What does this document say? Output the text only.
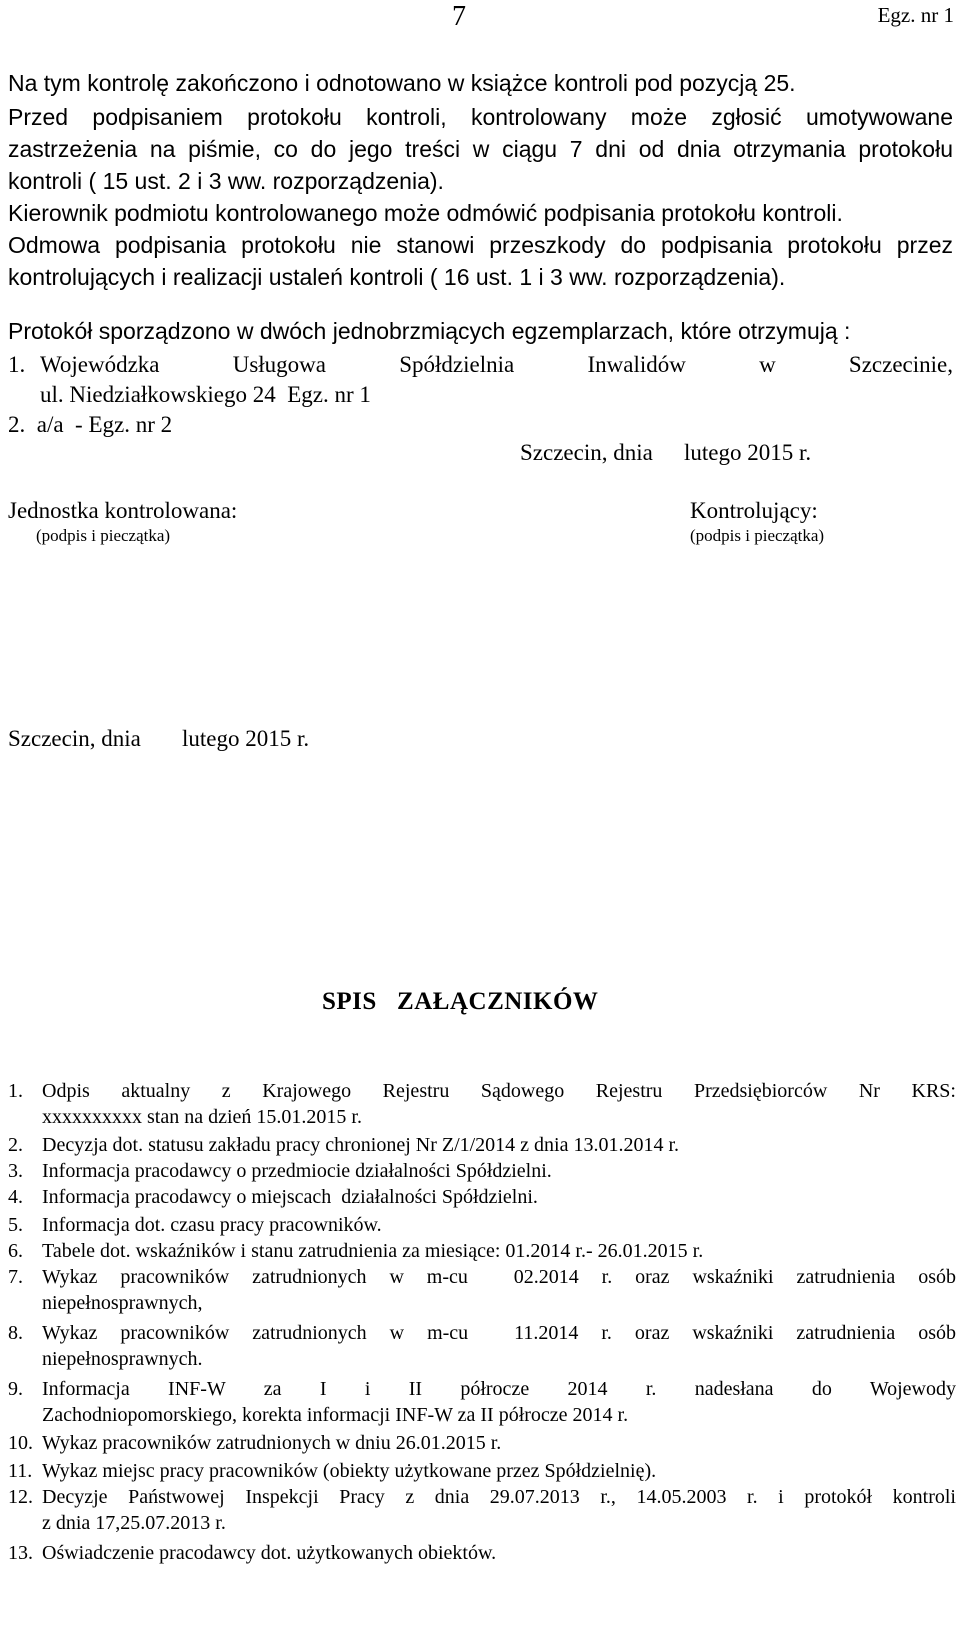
7	Egz. nr 1
Na tym kontrolę zakończono i odnotowano w książce kontroli pod pozycją 25.
Przed podpisaniem protokołu kontroli, kontrolowany może zgłosić umotywowane
zastrzeżenia na piśmie, co do jego treści w ciągu 7 dni od dnia otrzymania protokołu
kontroli ( 15 ust. 2 i 3 ww. rozporządzenia).
Kierownik podmiotu kontrolowanego może odmówić podpisania protokołu kontroli.
Odmowa podpisania protokołu nie stanowi przeszkody do podpisania protokołu przez
kontrolujących i realizacji ustaleń kontroli ( 16 ust. 1 i 3 ww. rozporządzenia).
Protokół sporządzono w dwóch jednobrzmiących egzemplarzach, które otrzymują :
1. Wojewódzka Usługowa Spółdzielnia Inwalidów w Szczecinie,
ul. Niedziałkowskiego 24  Egz. nr 1
2.  a/a  - Egz. nr 2
Szczecin, dnia lutego 2015 r.
Jednostka kontrolowana:
(podpis i pieczątka)
Kontrolujący:
(podpis i pieczątka)
Szczecin, dnia lutego 2015 r.
SPIS   ZAŁĄCZNIKÓW
1. Odpis aktualny z Krajowego Rejestru Sądowego Rejestru Przedsiębiorców Nr KRS:
xxxxxxxxxx stan na dzień 15.01.2015 r.
2. Decyzja dot. statusu zakładu pracy chronionej Nr Z/1/2014 z dnia 13.01.2014 r.
3. Informacja pracodawcy o przedmiocie działalności Spółdzielni.
4. Informacja pracodawcy o miejscach  działalności Spółdzielni.
5. Informacja dot. czasu pracy pracowników.
6. Tabele dot. wskaźników i stanu zatrudnienia za miesiące: 01.2014 r.- 26.01.2015 r.
7. Wykaz pracowników zatrudnionych w m-cu  02.2014 r. oraz wskaźniki zatrudnienia osób
niepełnosprawnych,
8. Wykaz pracowników zatrudnionych w m-cu  11.2014 r. oraz wskaźniki zatrudnienia osób
niepełnosprawnych.
9. Informacja INF-W za I i II półrocze 2014 r. nadesłana do Wojewody
Zachodniopomorskiego, korekta informacji INF-W za II półrocze 2014 r.
10. Wykaz pracowników zatrudnionych w dniu 26.01.2015 r.
11. Wykaz miejsc pracy pracowników (obiekty użytkowane przez Spółdzielnię).
12. Decyzje Państwowej Inspekcji Pracy z dnia 29.07.2013 r., 14.05.2003 r. i protokół kontroli
z dnia 17,25.07.2013 r.
13. Oświadczenie pracodawcy dot. użytkowanych obiektów.
